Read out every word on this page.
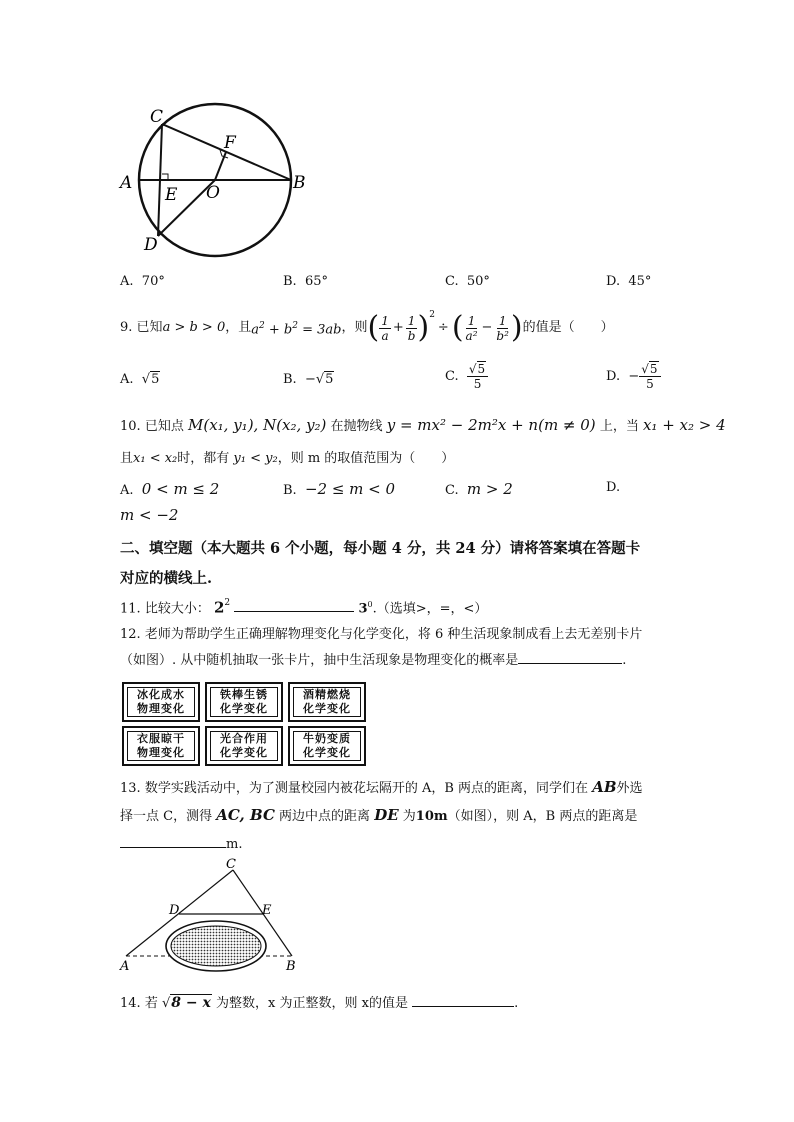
C
F
A
E O	B
D
A. 70°	B. 65°	C. 50°	D. 45°
9.
已知 a > b > 0 ，且 $a^2 + b^2 = 3ab$ ，则 ( $\frac{1}{a} + \frac{1}{b} )^2$
÷ ( $\frac{1}{\text{a²}} - \frac{1}{\text{b²}}$ ) 的值是（　　）
A. √5	B. −√5	C.
$\frac{√5}{5}$	D.
− $\frac{√5}{5}$
10. 已知点 M(x₁, y₁), N(x₂, y₂) 在抛物线 y = mx² − 2m²x + n(m ≠ 0) 上，当 x₁ + x₂ > 4
且x₁ < x₂时，都有 y₁ < y₂，则 m 的取值范围为（　　）
A. 0 < m ≤ 2	B. −2 ≤ m < 0	C. m > 2	D.
m < −2
二、填空题（本大题共 6 个小题，每小题 4 分，共 24 分）请将答案填在答题卡
对应的横线上.
11. 比较大小： $2^2$	$3^0$.（选填>，=，<）
12. 老师为帮助学生正确理解物理变化与化学变化，将 6 种生活现象制成看上去无差别卡片
（如图）. 从中随机抽取一张卡片，抽中生活现象是物理变化的概率是	.
冰化成水
物理变化
铁棒生锈
化学变化
酒精燃烧
化学变化
衣服晾干
物理变化
光合作用
化学变化
牛奶变质
化学变化
13. 数学实践活动中，为了测量校园内被花坛隔开的 A，B 两点的距离，同学们在 AB外选
择一点 C，测得 AC, BC 两边中点的距离 DE 为10m（如图），则 A，B 两点的距离是
m.
C
D	E
A	B
14. 若 √8 − x 为整数，x 为正整数，则 x的值是	.
